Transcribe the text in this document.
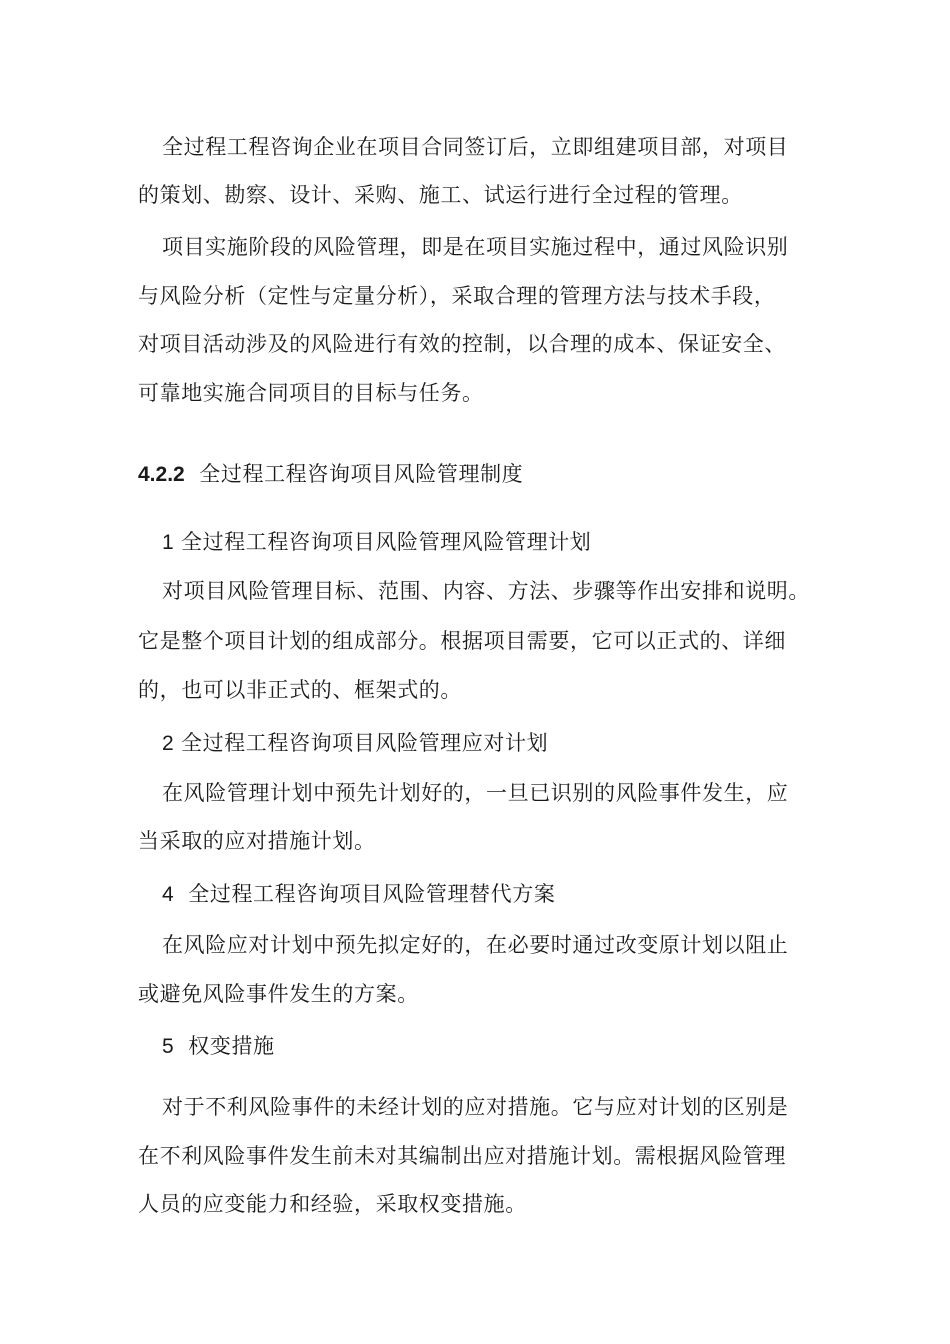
全过程工程咨询企业在项目合同签订后，立即组建项目部，对项目
的策划、勘察、设计、采购、施工、试运行进行全过程的管理。
项目实施阶段的风险管理，即是在项目实施过程中，通过风险识别
与风险分析（定性与定量分析），采取合理的管理方法与技术手段，
对项目活动涉及的风险进行有效的控制，以合理的成本、保证安全、
可靠地实施合同项目的目标与任务。
4.2.2 全过程工程咨询项目风险管理制度
1 全过程工程咨询项目风险管理风险管理计划
对项目风险管理目标、范围、内容、方法、步骤等作出安排和说明。
它是整个项目计划的组成部分。根据项目需要，它可以正式的、详细
的，也可以非正式的、框架式的。
2 全过程工程咨询项目风险管理应对计划
在风险管理计划中预先计划好的，一旦已识别的风险事件发生，应
当采取的应对措施计划。
4 全过程工程咨询项目风险管理替代方案
在风险应对计划中预先拟定好的，在必要时通过改变原计划以阻止
或避免风险事件发生的方案。
5 权变措施
对于不利风险事件的未经计划的应对措施。它与应对计划的区别是
在不利风险事件发生前未对其编制出应对措施计划。需根据风险管理
人员的应变能力和经验，采取权变措施。
